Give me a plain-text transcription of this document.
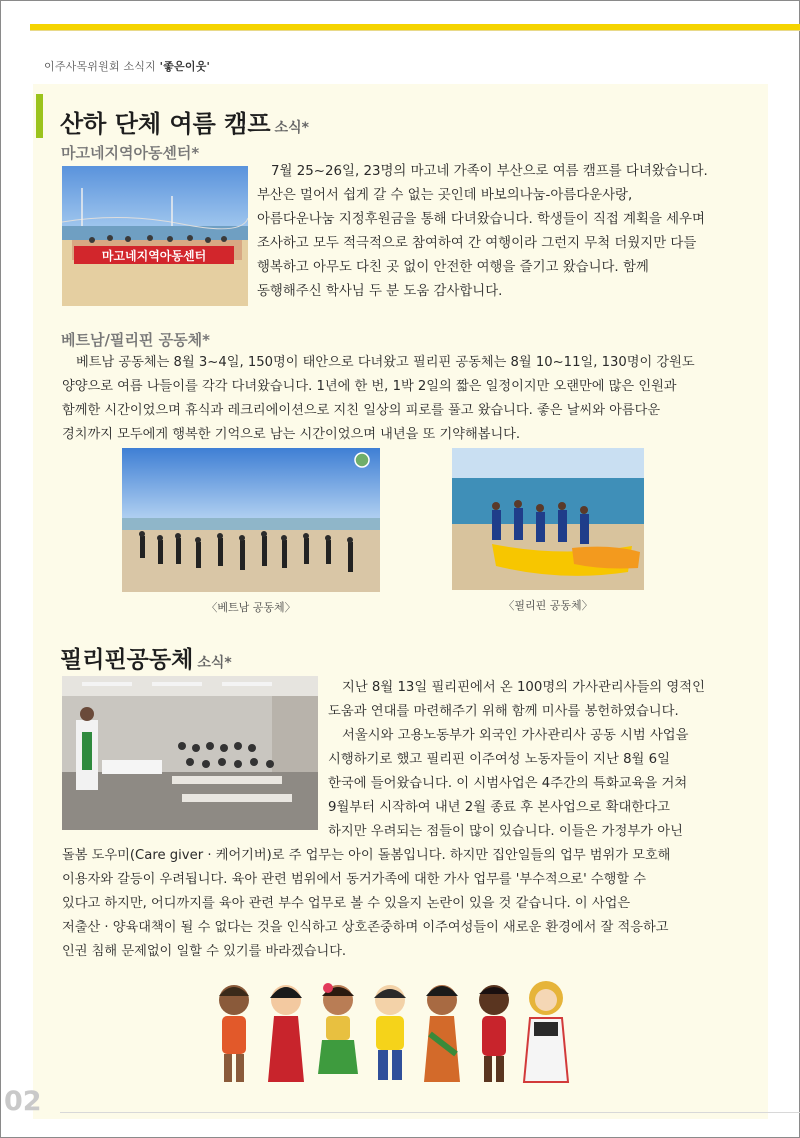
이주사목위원회 소식지 '좋은이웃'
산하 단체 여름 캠프 소식*
마고네지역아동센터*
마고네지역아동센터

7월 25~26일, 23명의 마고네 가족이 부산으로 여름 캠프를 다녀왔습니다.
부산은 멀어서 쉽게 갈 수 없는 곳인데 바보의나눔-아름다운사랑,
아름다운나눔 지정후원금을 통해 다녀왔습니다. 학생들이 직접 계획을 세우며
조사하고 모두 적극적으로 참여하여 간 여행이라 그런지 무척 더웠지만 다들
행복하고 아무도 다친 곳 없이 안전한 여행을 즐기고 왔습니다. 함께
동행해주신 학사님 두 분 도움 감사합니다.

베트남/필리핀 공동체*

베트남 공동체는 8월 3~4일, 150명이 태안으로 다녀왔고 필리핀 공동체는 8월 10~11일, 130명이 강원도
양양으로 여름 나들이를 각각 다녀왔습니다. 1년에 한 번, 1박 2일의 짧은 일정이지만 오랜만에 많은 인원과
함께한 시간이었으며 휴식과 레크리에이션으로 지친 일상의 피로를 풀고 왔습니다. 좋은 날씨와 아름다운
경치까지 모두에게 행복한 기억으로 남는 시간이었으며 내년을 또 기약해봅니다.

〈베트남 공동체〉	〈필리핀 공동체〉
필리핀공동체 소식*

지난 8월 13일 필리핀에서 온 100명의 가사관리사들의 영적인
도움과 연대를 마련해주기 위해 함께 미사를 봉헌하였습니다.
서울시와 고용노동부가 외국인 가사관리사 공동 시범 사업을
시행하기로 했고 필리핀 이주여성 노동자들이 지난 8월 6일
한국에 들어왔습니다. 이 시범사업은 4주간의 특화교육을 거쳐
9월부터 시작하여 내년 2월 종료 후 본사업으로 확대한다고
하지만 우려되는 점들이 많이 있습니다. 이들은 가정부가 아닌

돌봄 도우미(Care giver · 케어기버)로 주 업무는 아이 돌봄입니다. 하지만 집안일들의 업무 범위가 모호해
이용자와 갈등이 우려됩니다. 육아 관련 범위에서 동거가족에 대한 가사 업무를 '부수적으로' 수행할 수
있다고 하지만, 어디까지를 육아 관련 부수 업무로 볼 수 있을지 논란이 있을 것 같습니다. 이 사업은
저출산 · 양육대책이 될 수 없다는 것을 인식하고 상호존중하며 이주여성들이 새로운 환경에서 잘 적응하고
인권 침해 문제없이 일할 수 있기를 바라겠습니다.

02
